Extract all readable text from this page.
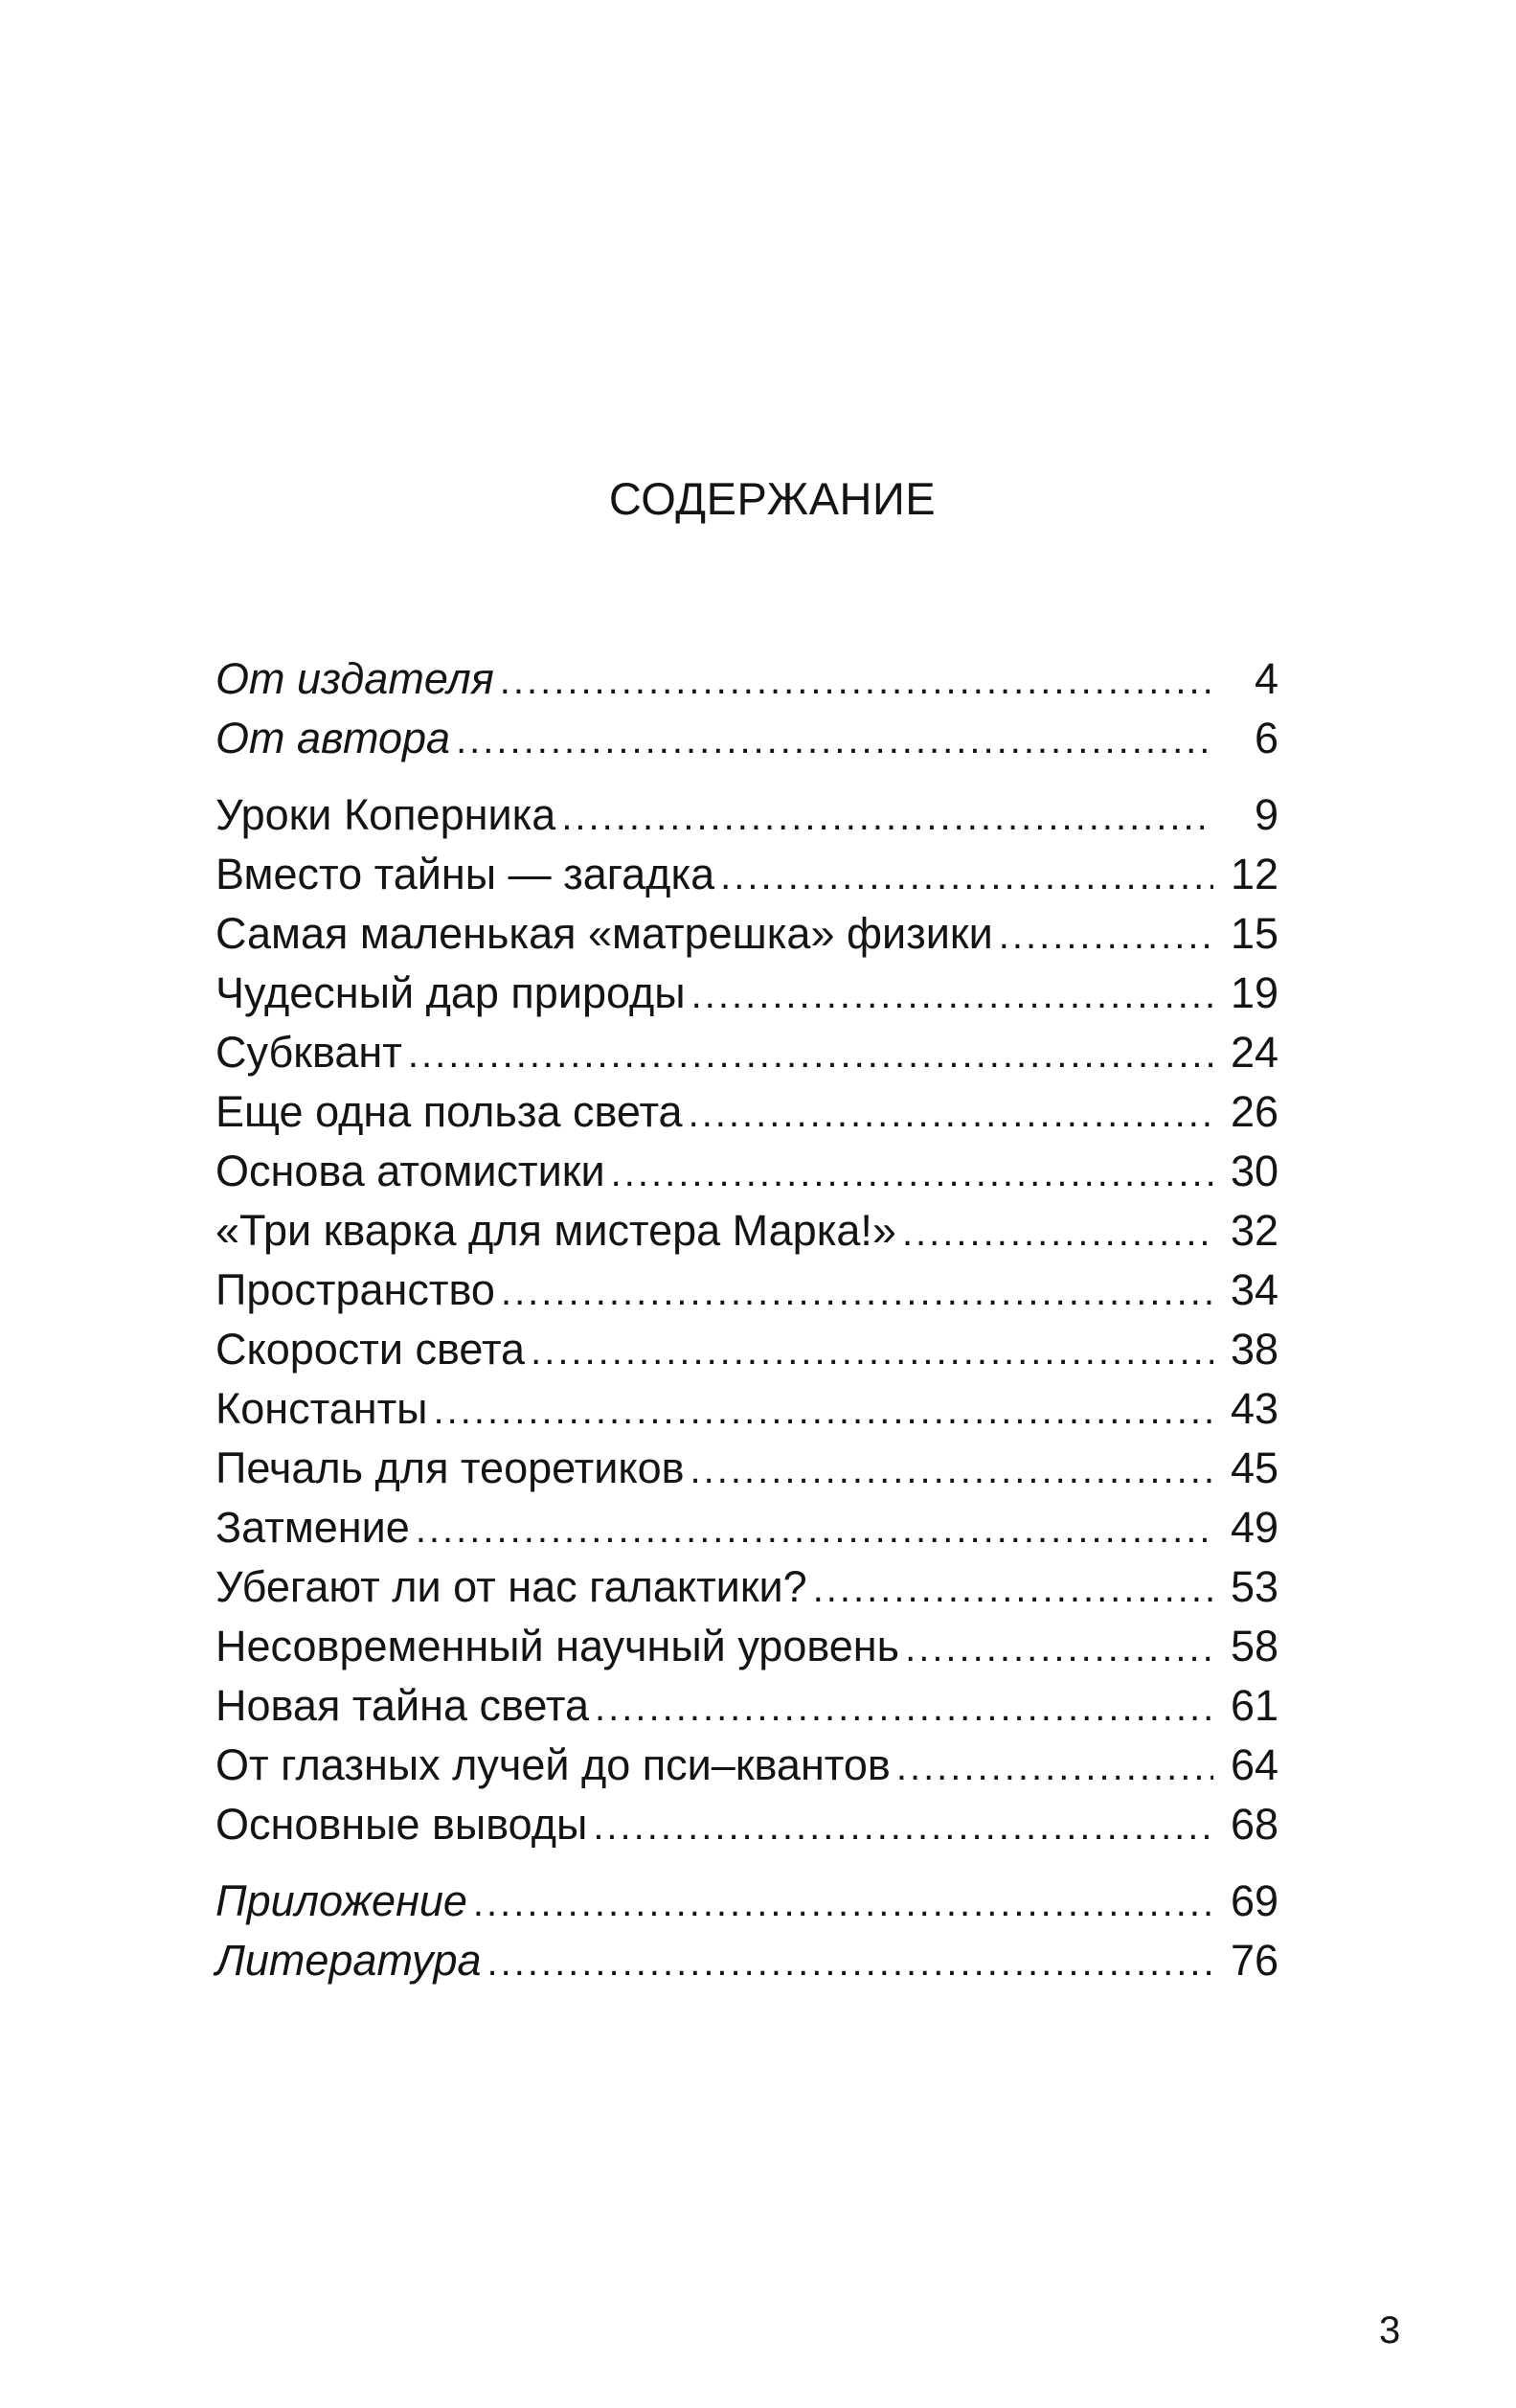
СОДЕРЖАНИЕ
От издателя .....	4
От автора .....	6
Уроки Коперника .....	9
Вместо тайны — загадка .....	12
Самая маленькая «матрешка» физики .....	15
Чудесный дар природы .....	19
Субквант .....	24
Еще одна польза света .....	26
Основа атомистики .....	30
«Три кварка для мистера Марка!» .....	32
Пространство .....	34
Скорости света .....	38
Константы .....	43
Печаль для теоретиков .....	45
Затмение .....	49
Убегают ли от нас галактики? .....	53
Несовременный научный уровень .....	58
Новая тайна света .....	61
От глазных лучей до пси–квантов .....	64
Основные выводы .....	68
Приложение .....	69
Литература .....	76
3
